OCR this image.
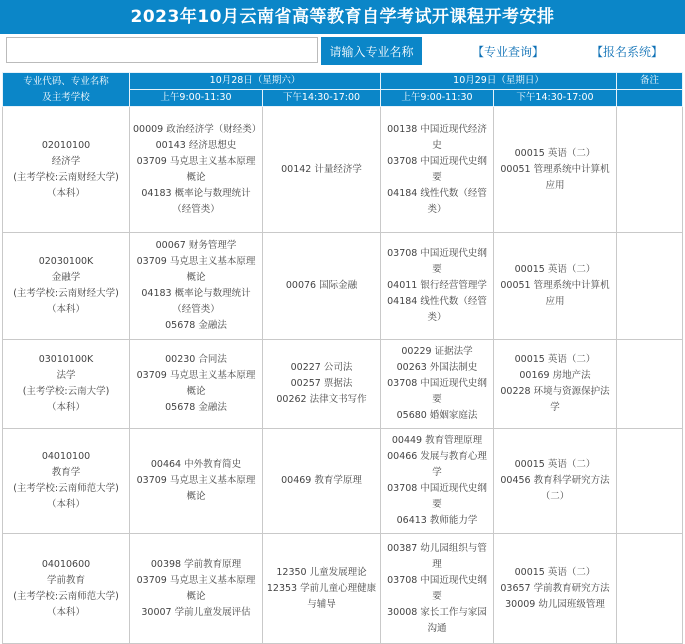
2023年10月云南省高等教育自学考试开课程开考安排
请输入专业名称	【专业查询】	【报名系统】
专业代码、专业名称
及主考学校	10月28日（星期六）		10月29日（星期日）		备注
	上午9:00-11:30	下午14:30-17:00	上午9:00-11:30	下午14:30-17:00	

02010100
经济学
(主考学校:云南财经大学)
（本科）	00009 政治经济学（财经类）
00143 经济思想史
03709 马克思主义基本原理概论
04183 概率论与数理统计（经管类）	00142 计量经济学	00138 中国近现代经济史
03708 中国近现代史纲要
04184 线性代数（经管类）	00015 英语（二）
00051 管理系统中计算机应用	

02030100K
金融学
(主考学校:云南财经大学)
（本科）	00067 财务管理学
03709 马克思主义基本原理概论
04183 概率论与数理统计（经管类）
05678 金融法	00076 国际金融	03708 中国近现代史纲要
04011 银行经营管理学
04184 线性代数（经管类）	00015 英语（二）
00051 管理系统中计算机应用	

03010100K
法学
(主考学校:云南大学)
（本科）	00230 合同法
03709 马克思主义基本原理概论
05678 金融法	00227 公司法
00257 票据法
00262 法律文书写作	00229 证据法学
00263 外国法制史
03708 中国近现代史纲要
05680 婚姻家庭法	00015 英语（二）
00169 房地产法
00228 环境与资源保护法学	

04010100
教育学
(主考学校:云南师范大学)
（本科）	00464 中外教育简史
03709 马克思主义基本原理概论	00469 教育学原理	00449 教育管理原理
00466 发展与教育心理学
03708 中国近现代史纲要
06413 教师能力学	00015 英语（二）
00456 教育科学研究方法（二）	

04010600
学前教育
(主考学校:云南师范大学)
（本科）	00398 学前教育原理
03709 马克思主义基本原理概论
30007 学前儿童发展评估	12350 儿童发展理论
12353 学前儿童心理健康与辅导	00387 幼儿园组织与管理
03708 中国近现代史纲要
30008 家长工作与家园沟通	00015 英语（二）
03657 学前教育研究方法
30009 幼儿园班级管理	
